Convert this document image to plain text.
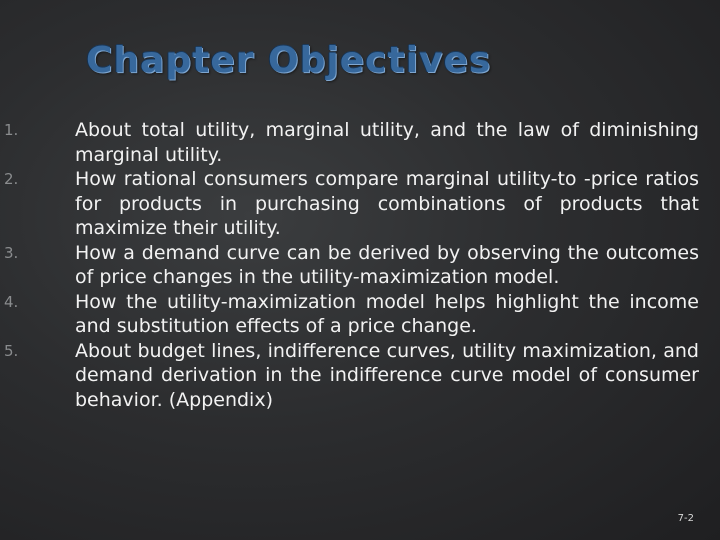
Chapter Objectives
1.	About total utility, marginal utility, and the law of diminishing marginal utility.
2.	How rational consumers compare marginal utility-to -price ratios for products in purchasing combinations of products that maximize their utility.
3.	How a demand curve can be derived by observing the outcomes of price changes in the utility-maximization model.
4.	How the utility-maximization model helps highlight the income and substitution effects of a price change.
5.	About budget lines, indifference curves, utility maximization, and demand derivation in the indifference curve model of consumer behavior. (Appendix)
7-2
